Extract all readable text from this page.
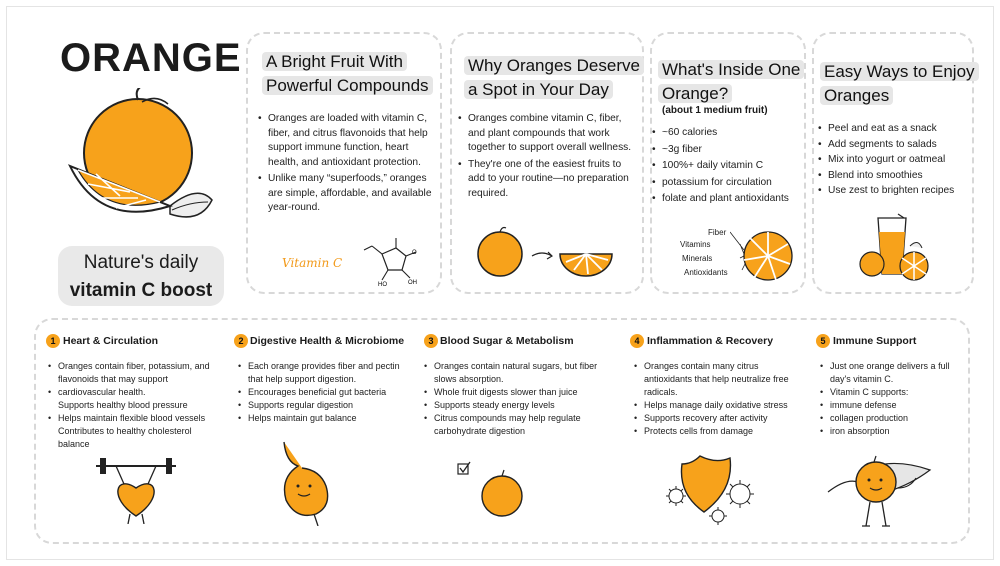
ORANGE
Nature's daily
vitamin C boost
A Bright Fruit With
Powerful Compounds
• Oranges are loaded with vitamin C, fiber, and citrus flavonoids that help support immune function, heart health, and antioxidant protection.
• Unlike many “superfoods,” oranges are simple, affordable, and available year-round.
Vitamin C
O
HO	OH
Why Oranges Deserve
a Spot in Your Day
• Oranges combine vitamin C, fiber, and plant compounds that work together to support overall wellness.
• They're one of the easiest fruits to add to your routine—no preparation required.
What's Inside One
Orange?
(about 1 medium fruit)
• ~60 calories
• ~3g fiber
• 100%+ daily vitamin C
• potassium for circulation
• folate and plant antioxidants
Fiber
Vitamins
Minerals
Antioxidants
Easy Ways to Enjoy
Oranges
• Peel and eat as a snack
• Add segments to salads
• Mix into yogurt or oatmeal
• Blend into smoothies
• Use zest to brighten recipes
1 Heart & Circulation
• Oranges contain fiber, potassium, and flavonoids that may support
• cardiovascular health.
Supports healthy blood pressure
• Helps maintain flexible blood vessels
Contributes to healthy cholesterol balance
2 Digestive Health & Microbiome
• Each orange provides fiber and pectin that help support digestion.
• Encourages beneficial gut bacteria
• Supports regular digestion
• Helps maintain gut balance
3 Blood Sugar & Metabolism
• Oranges contain natural sugars, but fiber slows absorption.
• Whole fruit digests slower than juice
• Supports steady energy levels
• Citrus compounds may help regulate carbohydrate digestion
4 Inflammation & Recovery
• Oranges contain many citrus antioxidants that help neutralize free radicals.
• Helps manage daily oxidative stress
• Supports recovery after activity
• Protects cells from damage
5 Immune Support
• Just one orange delivers a full day's vitamin C.
• Vitamin C supports:
• immune defense
• collagen production
• iron absorption
